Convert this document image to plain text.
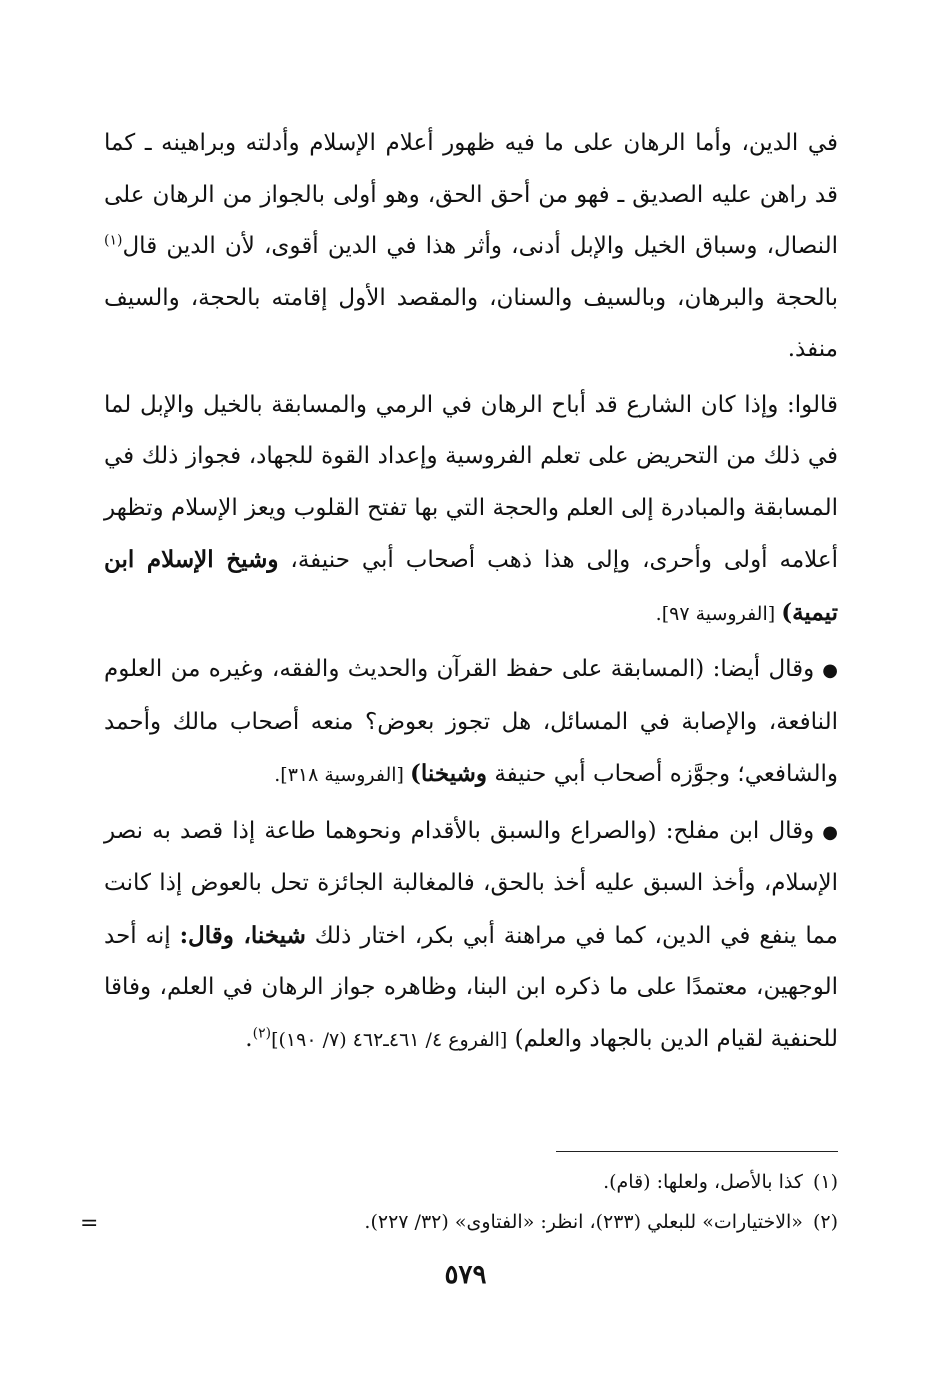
في الدين، وأما الرهان على ما فيه ظهور أعلام الإسلام وأدلته وبراهينه ـ كما قد راهن عليه الصديق ـ فهو من أحق الحق، وهو أولى بالجواز من الرهان على النصال، وسباق الخيل والإبل أدنى، وأثر هذا في الدين أقوى، لأن الدين قال$^{(١)}$ بالحجة والبرهان، وبالسيف والسنان، والمقصد الأول إقامته بالحجة، والسيف منفذ.

قالوا: وإذا كان الشارع قد أباح الرهان في الرمي والمسابقة بالخيل والإبل لما في ذلك من التحريض على تعلم الفروسية وإعداد القوة للجهاد، فجواز ذلك في المسابقة والمبادرة إلى العلم والحجة التي بها تفتح القلوب ويعز الإسلام وتظهر أعلامه أولى وأحرى، وإلى هذا ذهب أصحاب أبي حنيفة، وشيخ الإسلام ابن تيمية) [الفروسية ٩٧].

●وقال أيضا: (المسابقة على حفظ القرآن والحديث والفقه، وغيره من العلوم النافعة، والإصابة في المسائل، هل تجوز بعوض؟ منعه أصحاب مالك وأحمد والشافعي؛ وجوَّزه أصحاب أبي حنيفة وشيخنا) [الفروسية ٣١٨].

●وقال ابن مفلح: (والصراع والسبق بالأقدام ونحوهما طاعة إذا قصد به نصر الإسلام، وأخذ السبق عليه أخذ بالحق، فالمغالبة الجائزة تحل بالعوض إذا كانت مما ينفع في الدين، كما في مراهنة أبي بكر، اختار ذلك شيخنا، وقال: إنه أحد الوجهين، معتمدًا على ما ذكره ابن البنا، وظاهره جواز الرهان في العلم، وفاقا للحنفية لقيام الدين بالجهاد والعلم) [الفروع ٤/ ٤٦١ـ٤٦٢ (٧/ ١٩٠)]$^{(٢)}$.

(١)كذا بالأصل، ولعلها: (قام).
(٢)«الاختيارات» للبعلي (٢٣٣)، انظر: «الفتاوى» (٣٢/ ٢٢٧).
=
٥٧٩
